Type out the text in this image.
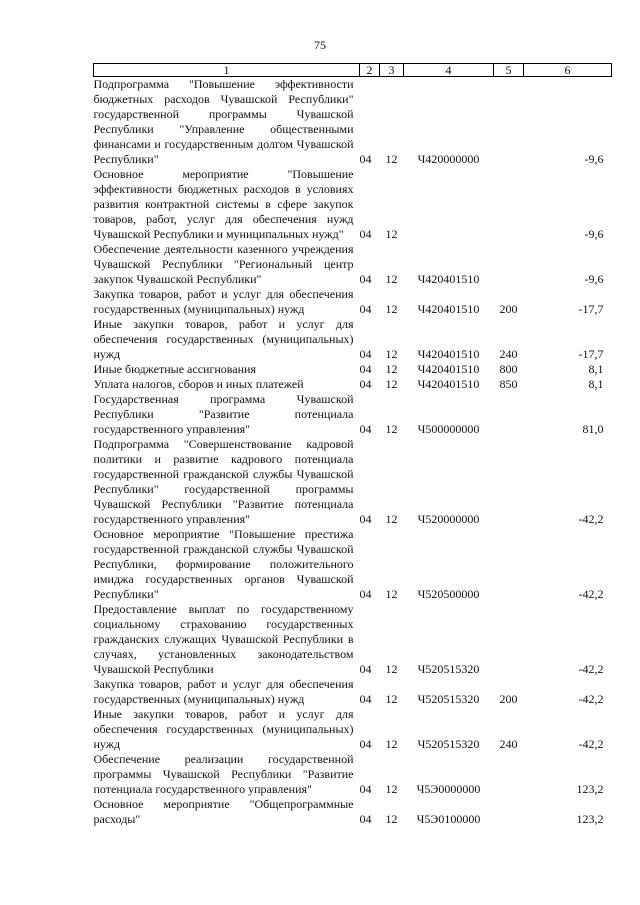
75
1	2	3	4	5	6
Подпрограмма "Повышение эффективности бюджетных расходов Чувашской Республики" государственной программы Чувашской Республики "Управление общественными финансами и государственным долгом Чувашской Республики"	04	12	Ч420000000		-9,6
Основное мероприятие "Повышение эффективности бюджетных расходов в условиях развития контрактной системы в сфере закупок товаров, работ, услуг для обеспечения нужд Чувашской Республики и муниципальных нужд"	04	12			-9,6
Обеспечение деятельности казенного учреждения Чувашской Республики "Региональный центр закупок Чувашской Республики"	04	12	Ч420401510		-9,6
Закупка товаров, работ и услуг для обеспечения государственных (муниципальных) нужд	04	12	Ч420401510	200	-17,7
Иные закупки товаров, работ и услуг для обеспечения государственных (муниципальных) нужд	04	12	Ч420401510	240	-17,7
Иные бюджетные ассигнования	04	12	Ч420401510	800	8,1
Уплата налогов, сборов и иных платежей	04	12	Ч420401510	850	8,1
Государственная программа Чувашской Республики "Развитие потенциала государственного управления"	04	12	Ч500000000		81,0
Подпрограмма "Совершенствование кадровой политики и развитие кадрового потенциала государственной гражданской службы Чувашской Республики" государственной программы Чувашской Республики "Развитие потенциала государственного управления"	04	12	Ч520000000		-42,2
Основное мероприятие "Повышение престижа государственной гражданской службы Чувашской Республики, формирование положительного имиджа государственных органов Чувашской Республики"	04	12	Ч520500000		-42,2
Предоставление выплат по государственному социальному страхованию государственных гражданских служащих Чувашской Республики в случаях, установленных законодательством Чувашской Республики	04	12	Ч520515320		-42,2
Закупка товаров, работ и услуг для обеспечения государственных (муниципальных) нужд	04	12	Ч520515320	200	-42,2
Иные закупки товаров, работ и услуг для обеспечения государственных (муниципальных) нужд	04	12	Ч520515320	240	-42,2
Обеспечение реализации государственной программы Чувашской Республики "Развитие потенциала государственного управления"	04	12	Ч5Э0000000		123,2
Основное мероприятие "Общепрограммные расходы"	04	12	Ч5Э0100000		123,2
